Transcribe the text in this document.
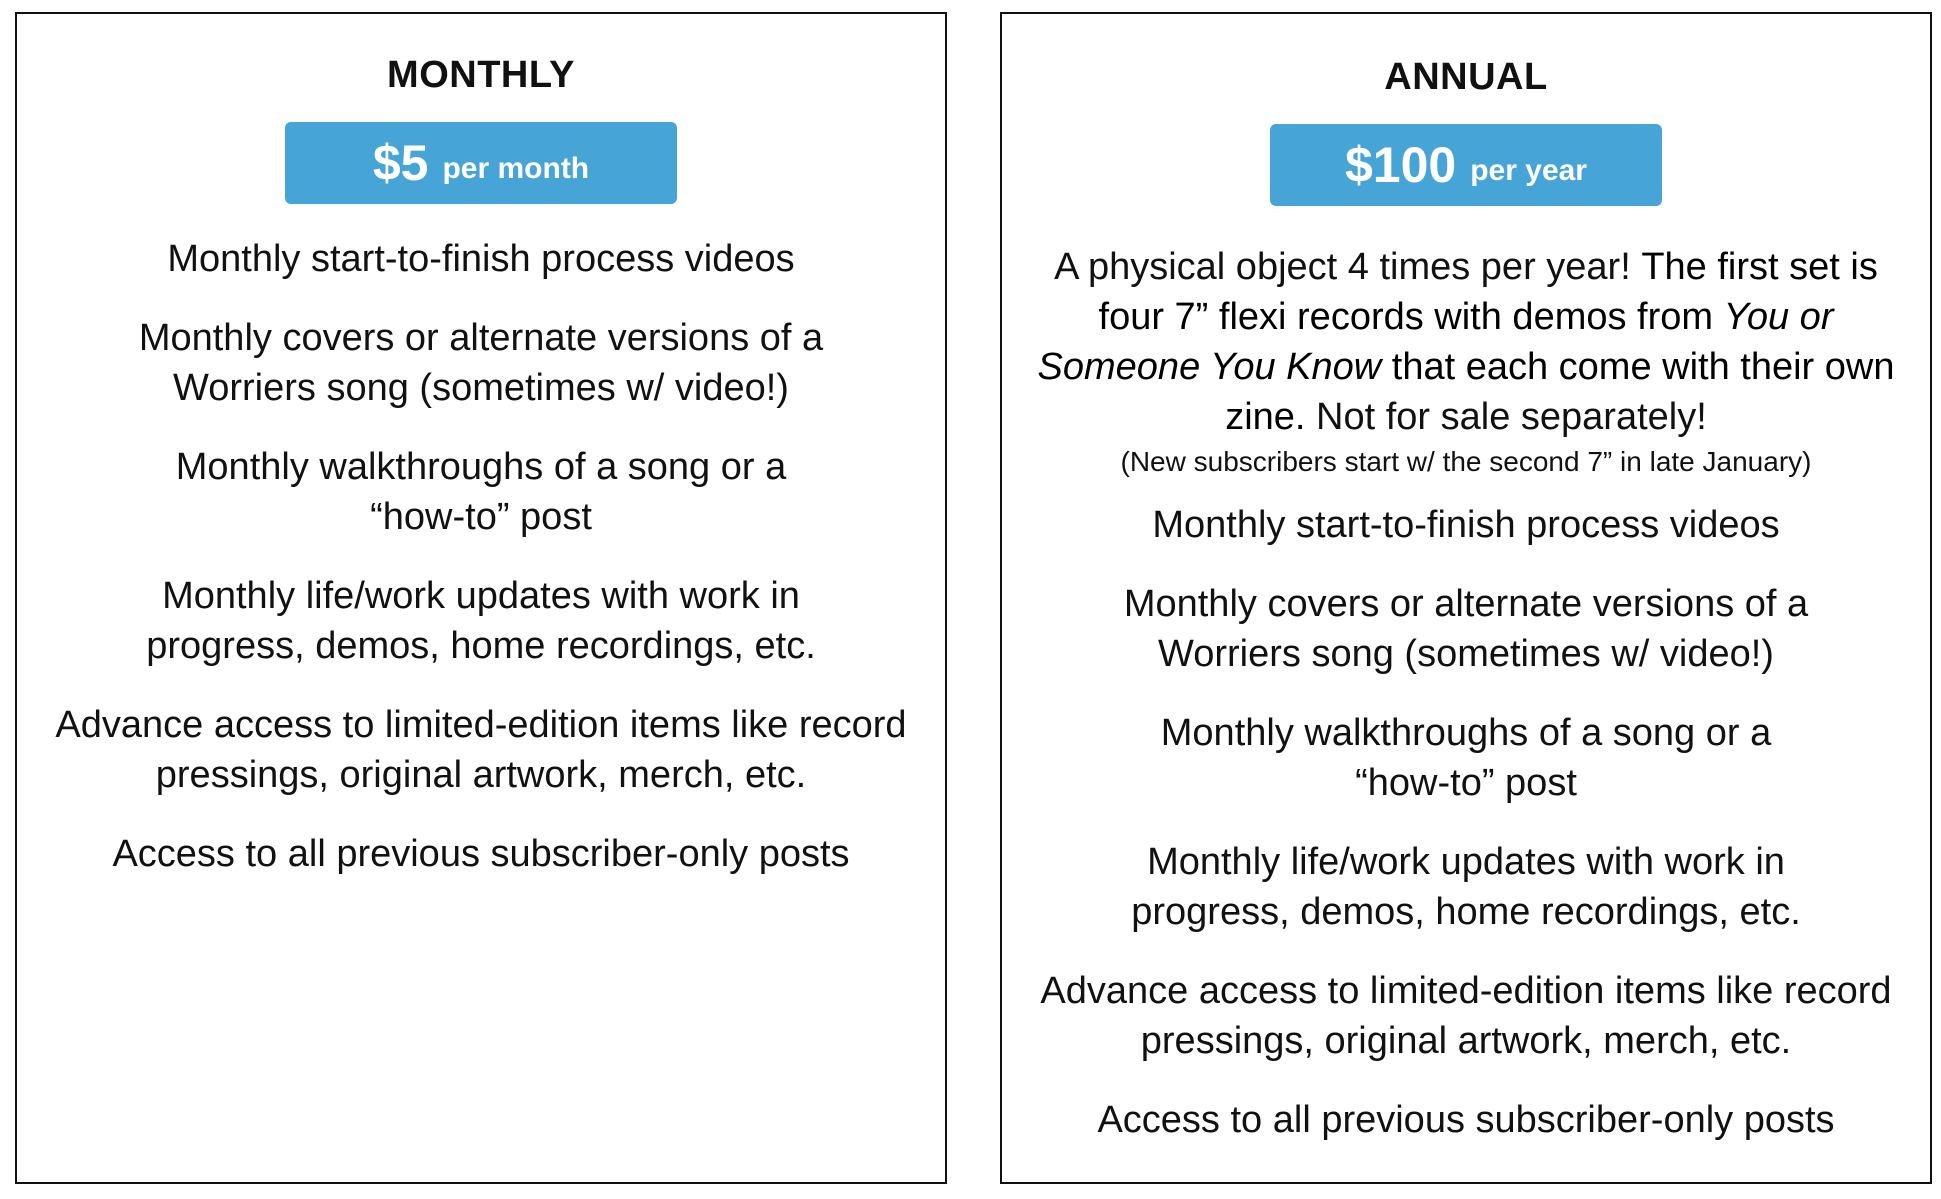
MONTHLY
$5 per month
Monthly start-to-finish process videos
Monthly covers or alternate versions of a Worriers song (sometimes w/ video!)
Monthly walkthroughs of a song or a “how-to” post
Monthly life/work updates with work in progress, demos, home recordings, etc.
Advance access to limited-edition items like record pressings, original artwork, merch, etc.
Access to all previous subscriber-only posts
ANNUAL
$100 per year
A physical object 4 times per year! The first set is four 7” flexi records with demos from You or Someone You Know that each come with their own zine. Not for sale separately!
(New subscribers start w/ the second 7” in late January)
Monthly start-to-finish process videos
Monthly covers or alternate versions of a Worriers song (sometimes w/ video!)
Monthly walkthroughs of a song or a “how-to” post
Monthly life/work updates with work in progress, demos, home recordings, etc.
Advance access to limited-edition items like record pressings, original artwork, merch, etc.
Access to all previous subscriber-only posts
